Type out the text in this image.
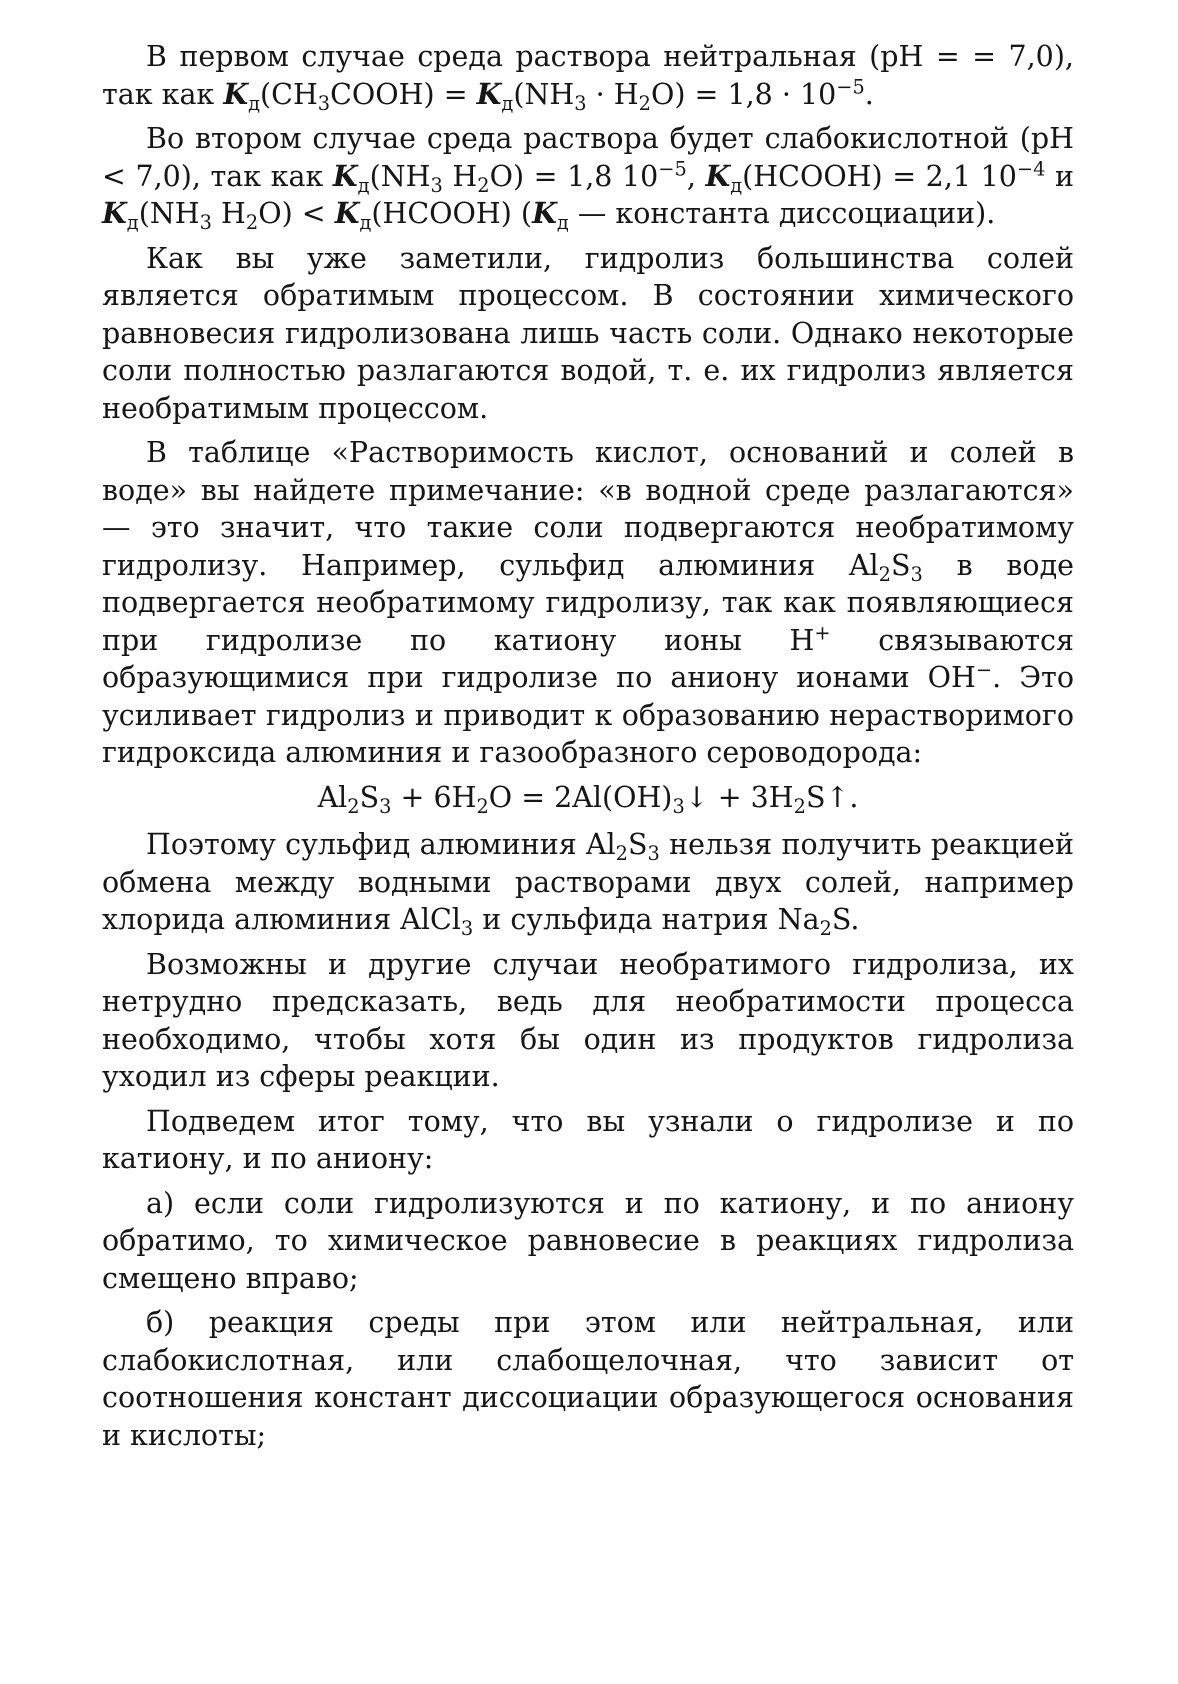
В первом случае среда раствора нейтральная (pH = = 7,0), так как $K_д(CH_3COOH) = K_д(NH_3 \cdot H_2O) = 1,8 \cdot 10^{-5}$.

Во втором случае среда раствора будет слабокислотной (pH < 7,0), так как $K_д(NH_3$ $H_2O) = 1,8$ $10^{-5}$, $K_д(HCOOH) = 2,1$ $10^{-4}$ и $K_д(NH_3$ $H_2O$) < $K_д(HCOOH)$ ($K_д$ — константа диссоциации).

Как вы уже заметили, гидролиз большинства солей является обратимым процессом. В состоянии химического равновесия гидролизована лишь часть соли. Однако некоторые соли полностью разлагаются водой, т. е. их гидролиз является необратимым процессом.

В таблице «Растворимость кислот, оснований и солей в воде» вы найдете примечание: «в водной среде разлагаются» — это значит, что такие соли подвергаются необратимому гидролизу. Например, сульфид алюминия $Al_2S_3$ в воде подвергается необратимому гидролизу, так как появляющиеся при гидролизе по катиону ионы H+ связываются образующимися при гидролизе по аниону ионами OH−. Это усиливает гидролиз и приводит к образованию нерастворимого гидроксида алюминия и газообразного сероводорода:

$Al_2S_3 + 6H_2O$ = $2Al(OH)_3↓$ + $3H_2S↑$.

Поэтому сульфид алюминия $Al_2S_3$ нельзя получить реакцией обмена между водными растворами двух солей, например хлорида алюминия AlCl$_3$ и сульфида натрия $Na_2S$.

Возможны и другие случаи необратимого гидролиза, их нетрудно предсказать, ведь для необратимости процесса необходимо, чтобы хотя бы один из продуктов гидролиза уходил из сферы реакции.

Подведем итог тому, что вы узнали о гидролизе и по катиону, и по аниону:

а) если соли гидролизуются и по катиону, и по аниону обратимо, то химическое равновесие в реакциях гидролиза смещено вправо;

б) реакция среды при этом или нейтральная, или слабокислотная, или слабощелочная, что зависит от соотношения констант диссоциации образующегося основания и кислоты;
